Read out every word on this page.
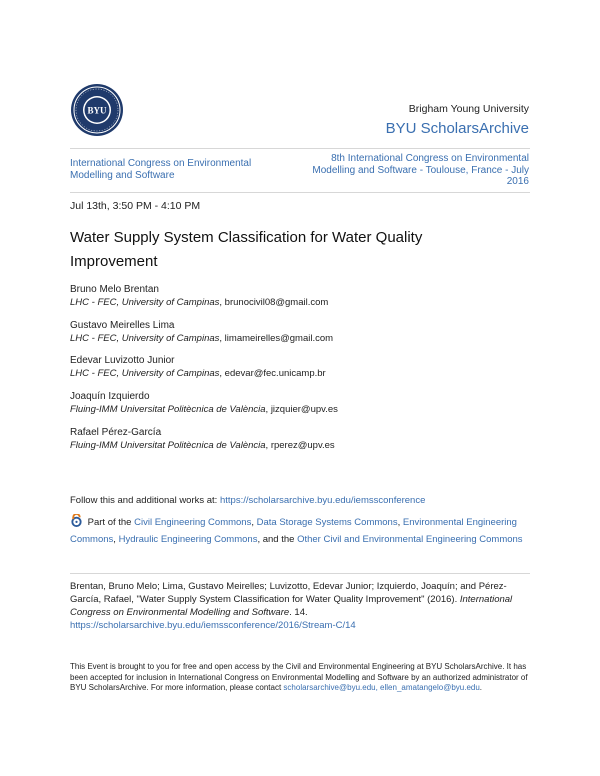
BYU	Brigham Young University
BYU ScholarsArchive
International Congress on Environmental Modelling and Software
8th International Congress on Environmental Modelling and Software - Toulouse, France - July 2016
Jul 13th, 3:50 PM - 4:10 PM
Water Supply System Classification for Water Quality Improvement
Bruno Melo Brentan
LHC - FEC, University of Campinas, brunocivil08@gmail.com
Gustavo Meirelles Lima
LHC - FEC, University of Campinas, limameirelles@gmail.com
Edevar Luvizotto Junior
LHC - FEC, University of Campinas, edevar@fec.unicamp.br
Joaquín Izquierdo
Fluing-IMM Universitat Politècnica de València, jizquier@upv.es
Rafael Pérez-García
Fluing-IMM Universitat Politècnica de València, rperez@upv.es
Follow this and additional works at: https://scholarsarchive.byu.edu/iemssconference
Part of the Civil Engineering Commons, Data Storage Systems Commons, Environmental Engineering Commons, Hydraulic Engineering Commons, and the Other Civil and Environmental Engineering Commons
Brentan, Bruno Melo; Lima, Gustavo Meirelles; Luvizotto, Edevar Junior; Izquierdo, Joaquín; and Pérez-García, Rafael, "Water Supply System Classification for Water Quality Improvement" (2016). International Congress on Environmental Modelling and Software. 14.
https://scholarsarchive.byu.edu/iemssconference/2016/Stream-C/14
This Event is brought to you for free and open access by the Civil and Environmental Engineering at BYU ScholarsArchive. It has been accepted for inclusion in International Congress on Environmental Modelling and Software by an authorized administrator of BYU ScholarsArchive. For more information, please contact scholarsarchive@byu.edu, ellen_amatangelo@byu.edu.
